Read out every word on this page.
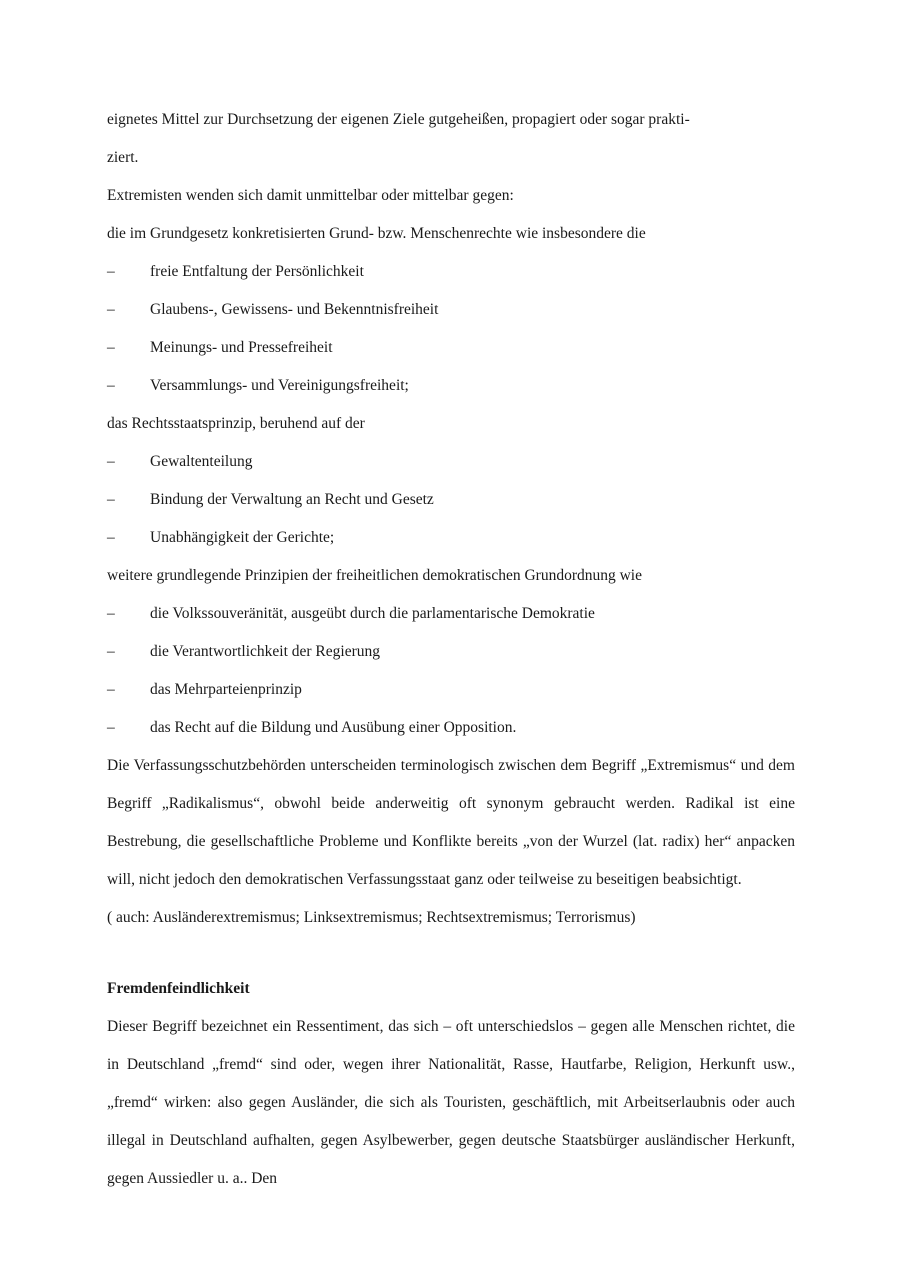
eignetes Mittel zur Durchsetzung der eigenen Ziele gutgeheißen, propagiert oder sogar prakti-

ziert.

Extremisten wenden sich damit unmittelbar oder mittelbar gegen:

die im Grundgesetz konkretisierten Grund- bzw. Menschenrechte wie insbesondere die

–	freie Entfaltung der Persönlichkeit
–	Glaubens-, Gewissens- und Bekenntnisfreiheit
–	Meinungs- und Pressefreiheit
–	Versammlungs- und Vereinigungsfreiheit;

das Rechtsstaatsprinzip, beruhend auf der

–	Gewaltenteilung
–	Bindung der Verwaltung an Recht und Gesetz
–	Unabhängigkeit der Gerichte;

weitere grundlegende Prinzipien der freiheitlichen demokratischen Grundordnung wie

–	die Volkssouveränität, ausgeübt durch die parlamentarische Demokratie
–	die Verantwortlichkeit der Regierung
–	das Mehrparteienprinzip
–	das Recht auf die Bildung und Ausübung einer Opposition.

Die Verfassungsschutzbehörden unterscheiden terminologisch zwischen dem Begriff „Extremismus“ und dem Begriff „Radikalismus“, obwohl beide anderweitig oft synonym gebraucht werden. Radikal ist eine Bestrebung, die gesellschaftliche Probleme und Konflikte bereits „von der Wurzel (lat. radix) her“ anpacken will, nicht jedoch den demokratischen Verfassungsstaat ganz oder teilweise zu beseitigen beabsichtigt.

( auch: Ausländerextremismus; Linksextremismus; Rechtsextremismus; Terrorismus)

Fremdenfeindlichkeit

Dieser Begriff bezeichnet ein Ressentiment, das sich – oft unterschiedslos – gegen alle Menschen richtet, die in Deutschland „fremd“ sind oder, wegen ihrer Nationalität, Rasse, Hautfarbe, Religion, Herkunft usw., „fremd“ wirken: also gegen Ausländer, die sich als Touristen, geschäftlich, mit Arbeitserlaubnis oder auch illegal in Deutschland aufhalten, gegen Asylbewerber, gegen deutsche Staatsbürger ausländischer Herkunft, gegen Aussiedler u. a.. Den
